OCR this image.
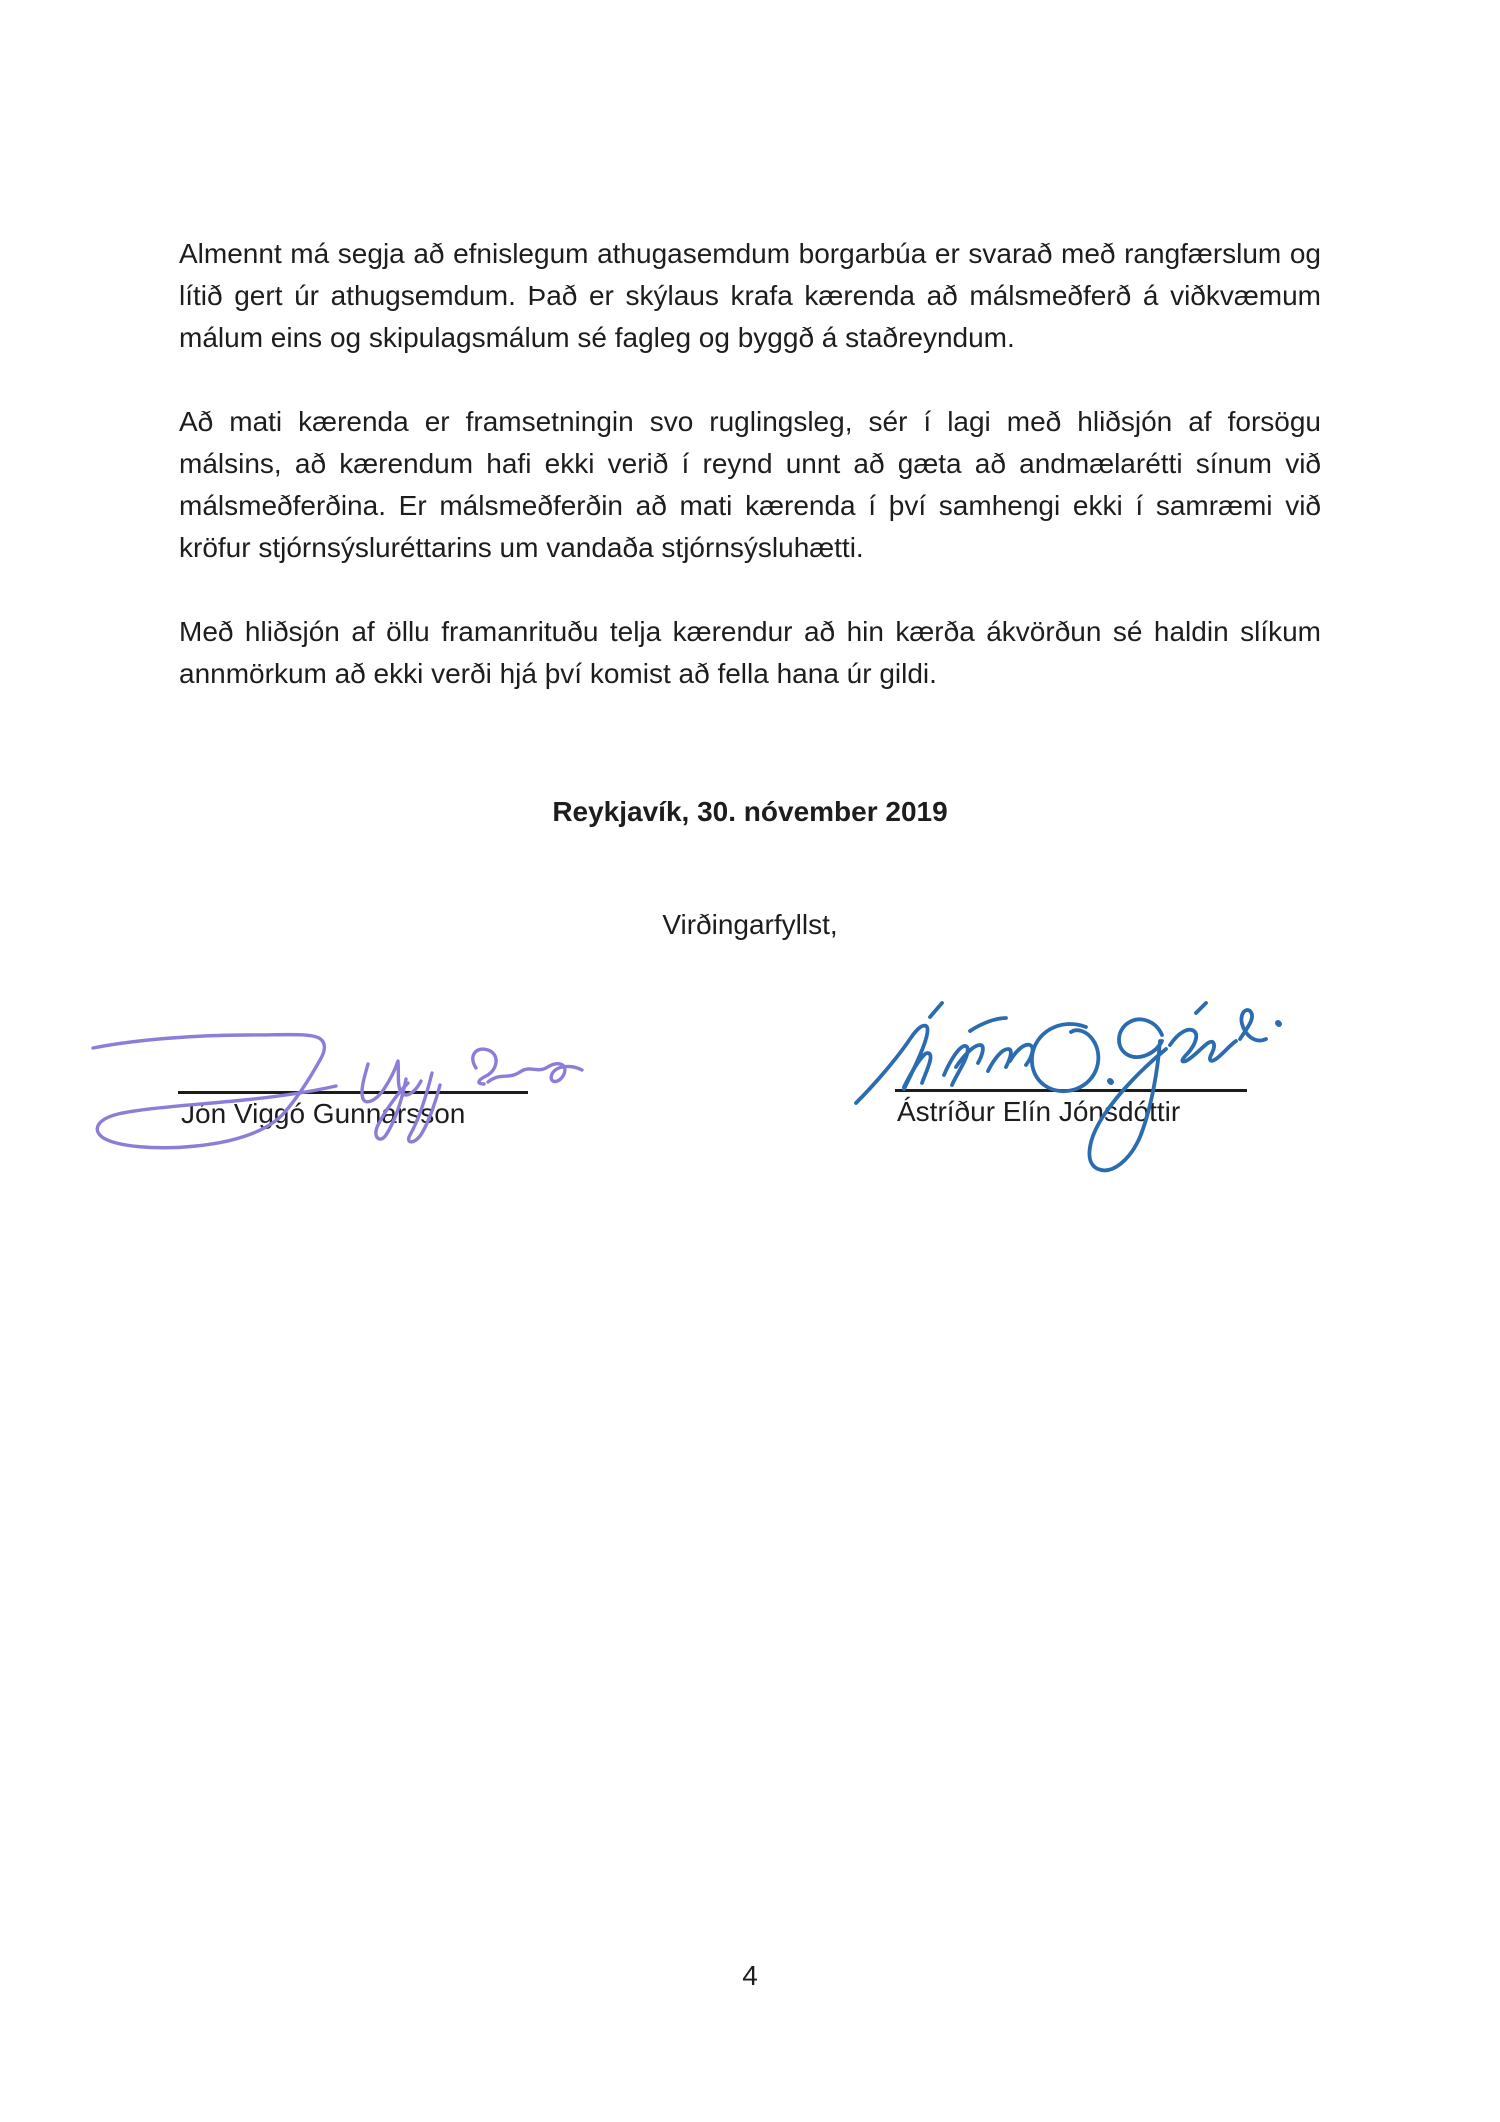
Almennt má segja að efnislegum athugasemdum borgarbúa er svarað með rangfærslum og lítið gert úr athugsemdum. Það er skýlaus krafa kærenda að málsmeðferð á viðkvæmum málum eins og skipulagsmálum sé fagleg og byggð á staðreyndum.

Að mati kærenda er framsetningin svo ruglingsleg, sér í lagi með hliðsjón af forsögu málsins, að kærendum hafi ekki verið í reynd unnt að gæta að andmælarétti sínum við málsmeðferðina. Er málsmeðferðin að mati kærenda í því samhengi ekki í samræmi við kröfur stjórnsýsluréttarins um vandaða stjórnsýsluhætti.

Með hliðsjón af öllu framanrituðu telja kærendur að hin kærða ákvörðun sé haldin slíkum annmörkum að ekki verði hjá því komist að fella hana úr gildi.

Reykjavík, 30. nóvember 2019
Virðingarfyllst,
Jón Viggó Gunnarsson	Ástríður Elín Jónsdóttir
4
